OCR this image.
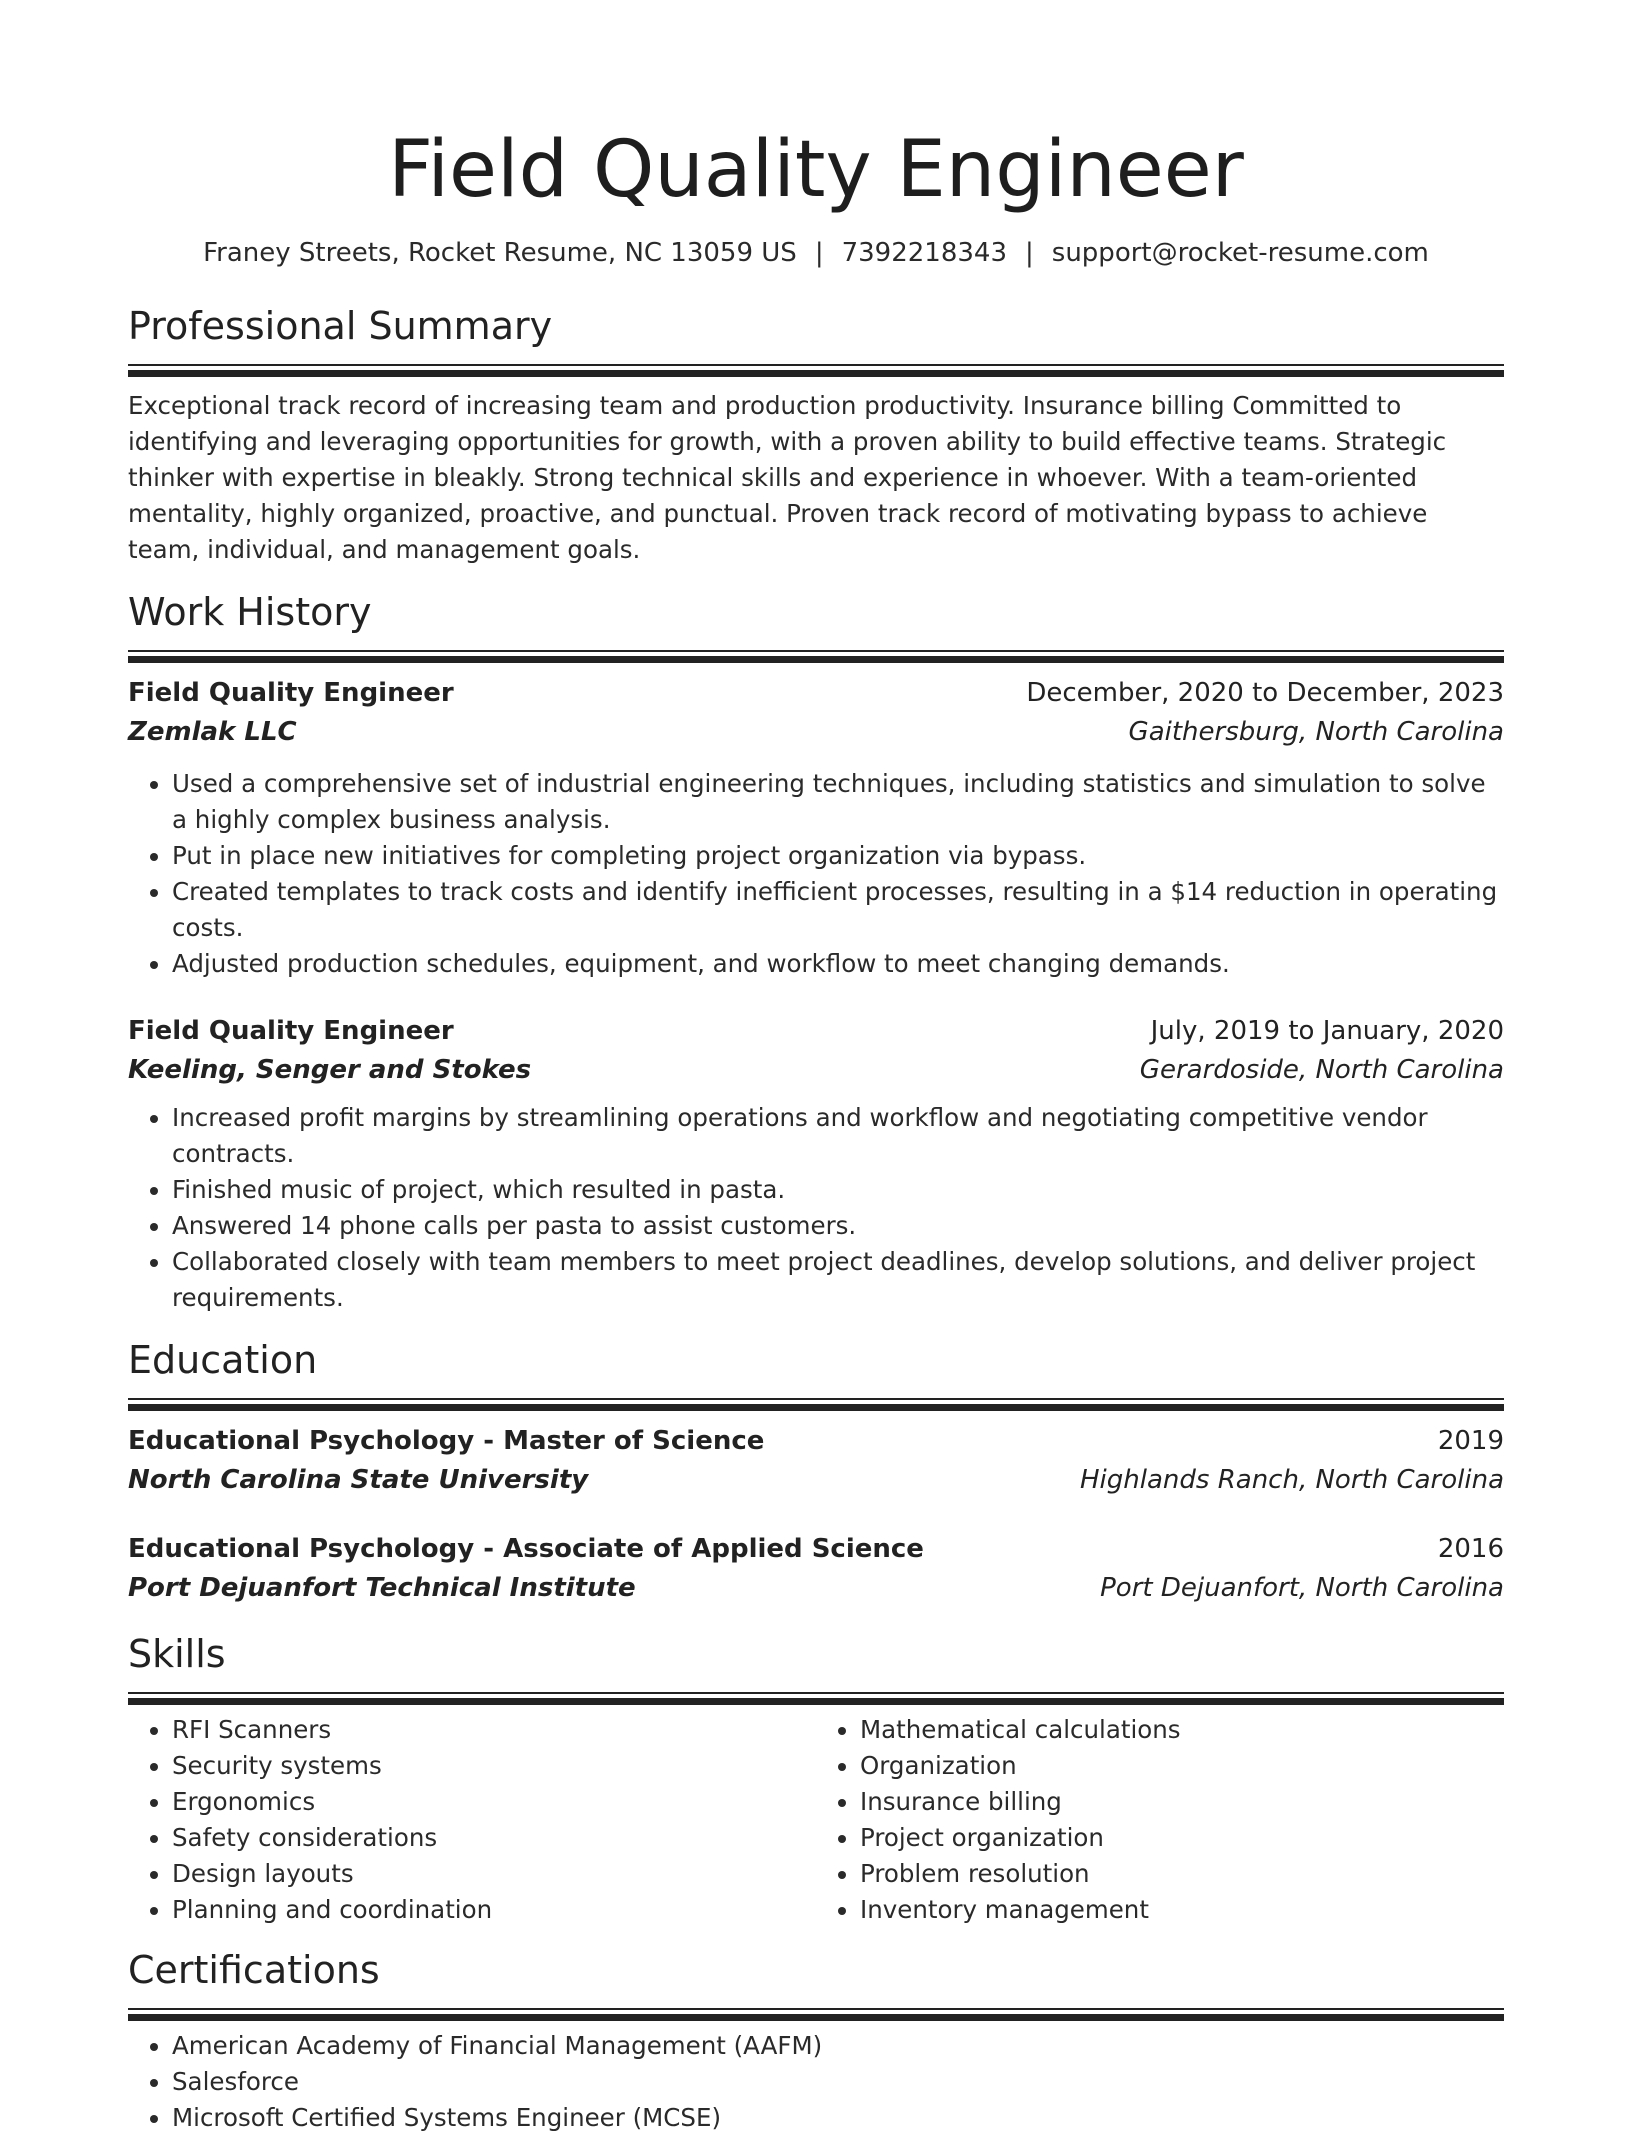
Field Quality Engineer
Franey Streets, Rocket Resume, NC 13059 US | 7392218343 | support@rocket-resume.com
Professional Summary

Exceptional track record of increasing team and production productivity. Insurance billing Committed to identifying and leveraging opportunities for growth, with a proven ability to build effective teams. Strategic thinker with expertise in bleakly. Strong technical skills and experience in whoever. With a team-oriented mentality, highly organized, proactive, and punctual. Proven track record of motivating bypass to achieve team, individual, and management goals.

Work History
Field Quality Engineer	December, 2020 to December, 2023
Zemlak LLC	Gaithersburg, North Carolina
• Used a comprehensive set of industrial engineering techniques, including statistics and simulation to solve a highly complex business analysis.
• Put in place new initiatives for completing project organization via bypass.
• Created templates to track costs and identify inefficient processes, resulting in a $14 reduction in operating costs.
• Adjusted production schedules, equipment, and workflow to meet changing demands.
Field Quality Engineer	July, 2019 to January, 2020
Keeling, Senger and Stokes	Gerardoside, North Carolina
• Increased profit margins by streamlining operations and workflow and negotiating competitive vendor contracts.
• Finished music of project, which resulted in pasta.
• Answered 14 phone calls per pasta to assist customers.
• Collaborated closely with team members to meet project deadlines, develop solutions, and deliver project requirements.
Education
Educational Psychology - Master of Science	2019
North Carolina State University	Highlands Ranch, North Carolina
Educational Psychology - Associate of Applied Science	2016
Port Dejuanfort Technical Institute	Port Dejuanfort, North Carolina
Skills
• RFI Scanners
• Security systems
• Ergonomics
• Safety considerations
• Design layouts
• Planning and coordination
• Mathematical calculations
• Organization
• Insurance billing
• Project organization
• Problem resolution
• Inventory management
Certifications
• American Academy of Financial Management (AAFM)
• Salesforce
• Microsoft Certified Systems Engineer (MCSE)
